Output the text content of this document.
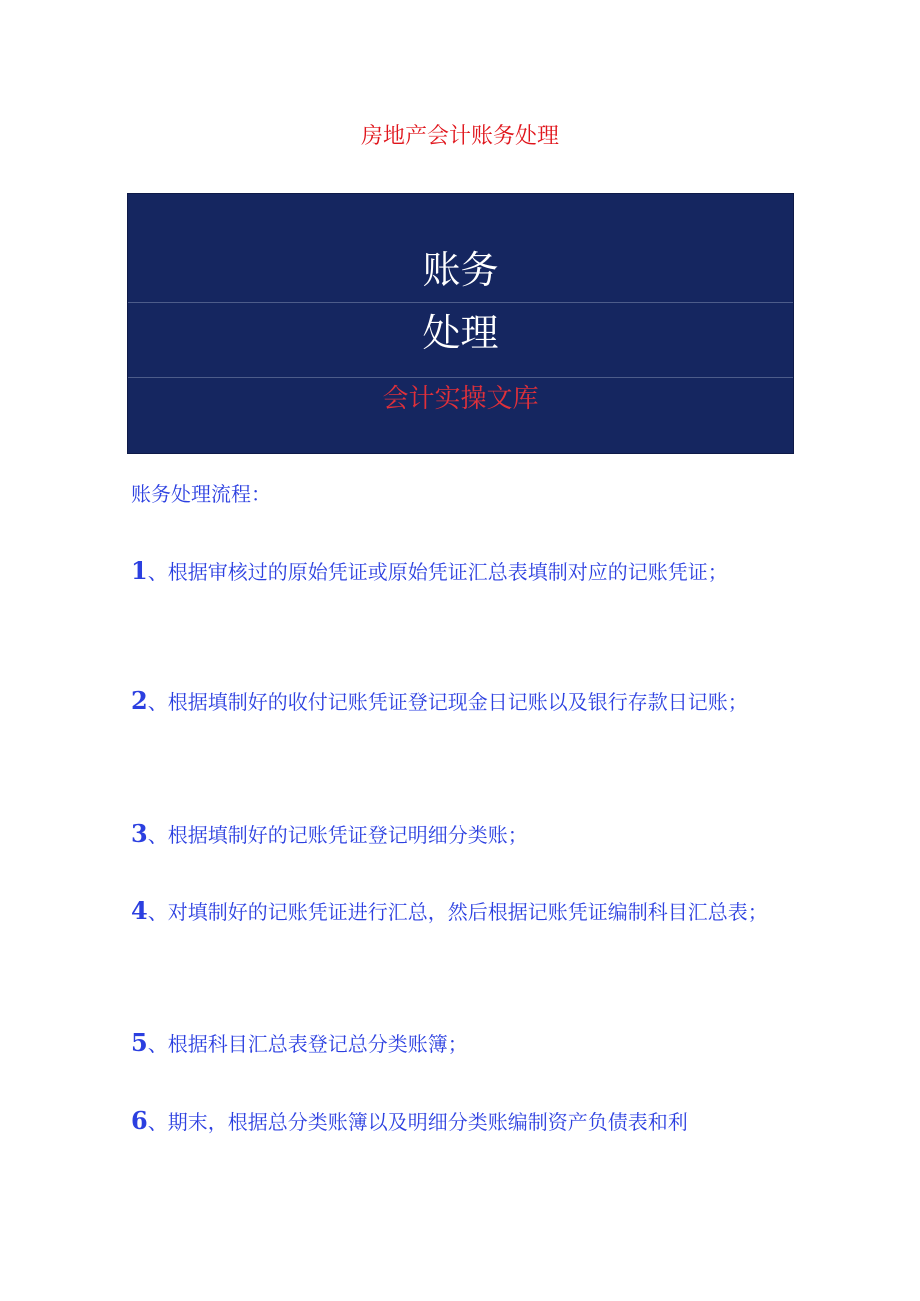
房地产会计账务处理
账务
处理
会计实操文库
账务处理流程：

1、根据审核过的原始凭证或原始凭证汇总表填制对应的记账凭证；

2、根据填制好的收付记账凭证登记现金日记账以及银行存款日记账；

3、根据填制好的记账凭证登记明细分类账；

4、对填制好的记账凭证进行汇总，然后根据记账凭证编制科目汇总表；

5、根据科目汇总表登记总分类账簿；

6、期末，根据总分类账簿以及明细分类账编制资产负债表和利
